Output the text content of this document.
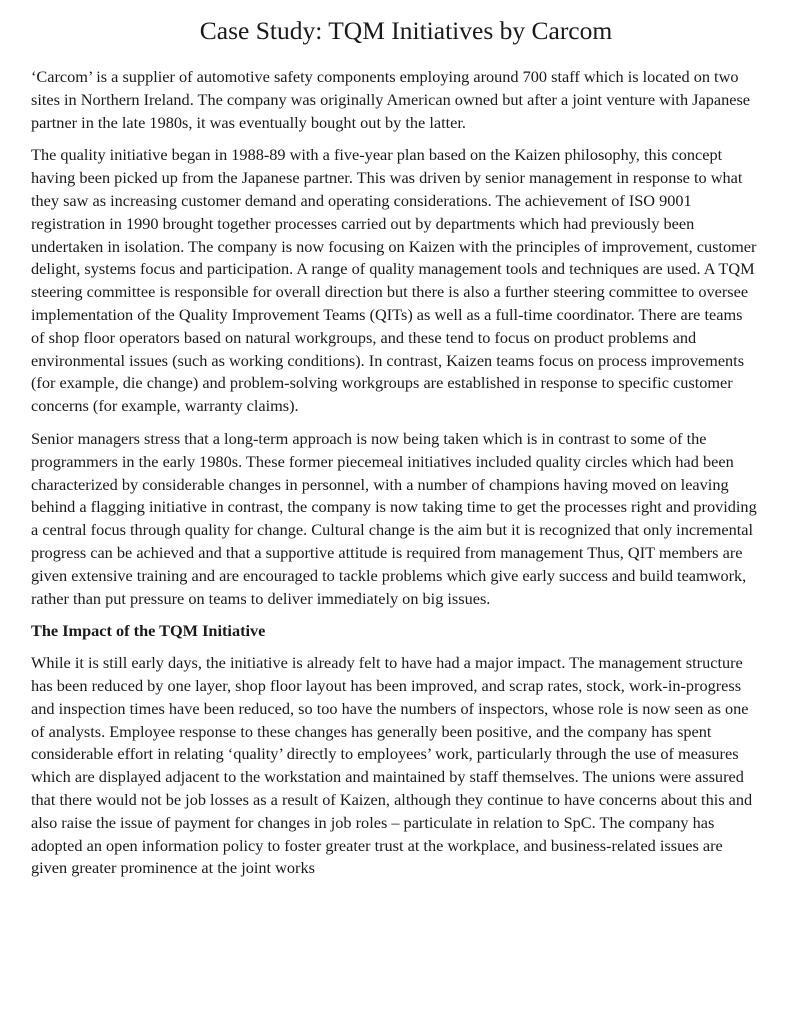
Case Study: TQM Initiatives by Carcom

‘Carcom’ is a supplier of automotive safety components employing around 700 staff which is located on two sites in Northern Ireland. The company was originally American owned but after a joint venture with Japanese partner in the late 1980s, it was eventually bought out by the latter.

The quality initiative began in 1988-89 with a five-year plan based on the Kaizen philosophy, this concept having been picked up from the Japanese partner. This was driven by senior management in response to what they saw as increasing customer demand and operating considerations. The achievement of ISO 9001 registration in 1990 brought together processes carried out by departments which had previously been undertaken in isolation. The company is now focusing on Kaizen with the principles of improvement, customer delight, systems focus and participation. A range of quality management tools and techniques are used. A TQM steering committee is responsible for overall direction but there is also a further steering committee to oversee implementation of the Quality Improvement Teams (QITs) as well as a full-time coordinator. There are teams of shop floor operators based on natural workgroups, and these tend to focus on product problems and environmental issues (such as working conditions). In contrast, Kaizen teams focus on process improvements (for example, die change) and problem-solving workgroups are established in response to specific customer concerns (for example, warranty claims).

Senior managers stress that a long-term approach is now being taken which is in contrast to some of the programmers in the early 1980s. These former piecemeal initiatives included quality circles which had been characterized by considerable changes in personnel, with a number of champions having moved on leaving behind a flagging initiative in contrast, the company is now taking time to get the processes right and providing a central focus through quality for change. Cultural change is the aim but it is recognized that only incremental progress can be achieved and that a supportive attitude is required from management Thus, QIT members are given extensive training and are encouraged to tackle problems which give early success and build teamwork, rather than put pressure on teams to deliver immediately on big issues.

The Impact of the TQM Initiative

While it is still early days, the initiative is already felt to have had a major impact. The management structure has been reduced by one layer, shop floor layout has been improved, and scrap rates, stock, work-in-progress and inspection times have been reduced, so too have the numbers of inspectors, whose role is now seen as one of analysts. Employee response to these changes has generally been positive, and the company has spent considerable effort in relating ‘quality’ directly to employees’ work, particularly through the use of measures which are displayed adjacent to the workstation and maintained by staff themselves. The unions were assured that there would not be job losses as a result of Kaizen, although they continue to have concerns about this and also raise the issue of payment for changes in job roles – particulate in relation to SpC. The company has adopted an open information policy to foster greater trust at the workplace, and business-related issues are given greater prominence at the joint works
